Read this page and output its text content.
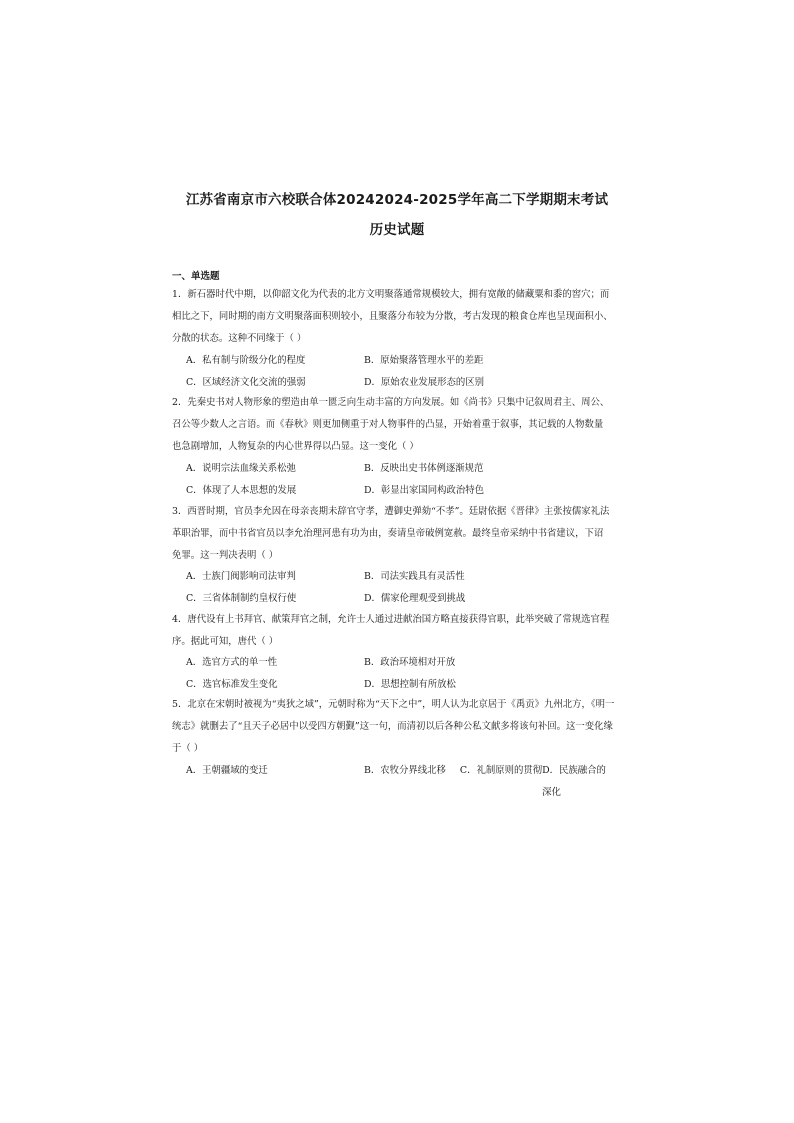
江苏省南京市六校联合体20242024-2025学年高二下学期期末考试
历史试题
一、单选题

1．新石器时代中期，以仰韶文化为代表的北方文明聚落通常规模较大，拥有宽敞的储藏粟和黍的窖穴；而

相比之下，同时期的南方文明聚落面积则较小，且聚落分布较为分散，考古发现的粮食仓库也呈现面积小、

分散的状态。这种不同缘于（ ）

A．私有制与阶级分化的程度	B．原始聚落管理水平的差距
C．区域经济文化交流的强弱	D．原始农业发展形态的区别

2．先秦史书对人物形象的塑造由单一匮乏向生动丰富的方向发展。如《尚书》只集中记叙周君主、周公、

召公等少数人之言语。而《春秋》则更加侧重于对人物事件的凸显，开始着重于叙事，其记载的人物数量

也急剧增加，人物复杂的内心世界得以凸显。这一变化（ ）

A．说明宗法血缘关系松弛	B．反映出史书体例逐渐规范
C．体现了人本思想的发展	D．彰显出家国同构政治特色

3．西晋时期，官员李允因在母亲丧期未辞官守孝，遭御史弹劾“不孝”。廷尉依据《晋律》主张按儒家礼法

革职治罪，而中书省官员以李允治理河患有功为由，奏请皇帝破例宽赦。最终皇帝采纳中书省建议，下诏

免罪。这一判决表明（ ）

A．士族门阀影响司法审判	B．司法实践具有灵活性
C．三省体制制约皇权行使	D．儒家伦理观受到挑战

4．唐代设有上书拜官、献策拜官之制，允许士人通过进献治国方略直接获得官职，此举突破了常规选官程

序。据此可知，唐代（ ）

A．选官方式的单一性	B．政治环境相对开放
C．选官标准发生变化	D．思想控制有所放松

5．北京在宋朝时被视为“夷狄之域”，元朝时称为“天下之中”，明人认为北京居于《禹贡》九州北方，《明一

统志》就删去了“且天子必居中以受四方朝觐”这一句，而清初以后各种公私文献多将该句补回。这一变化缘

于（ ）

A．王朝疆域的变迁	B．农牧分界线北移 C．礼制原则的贯彻 D．民族融合的深化
